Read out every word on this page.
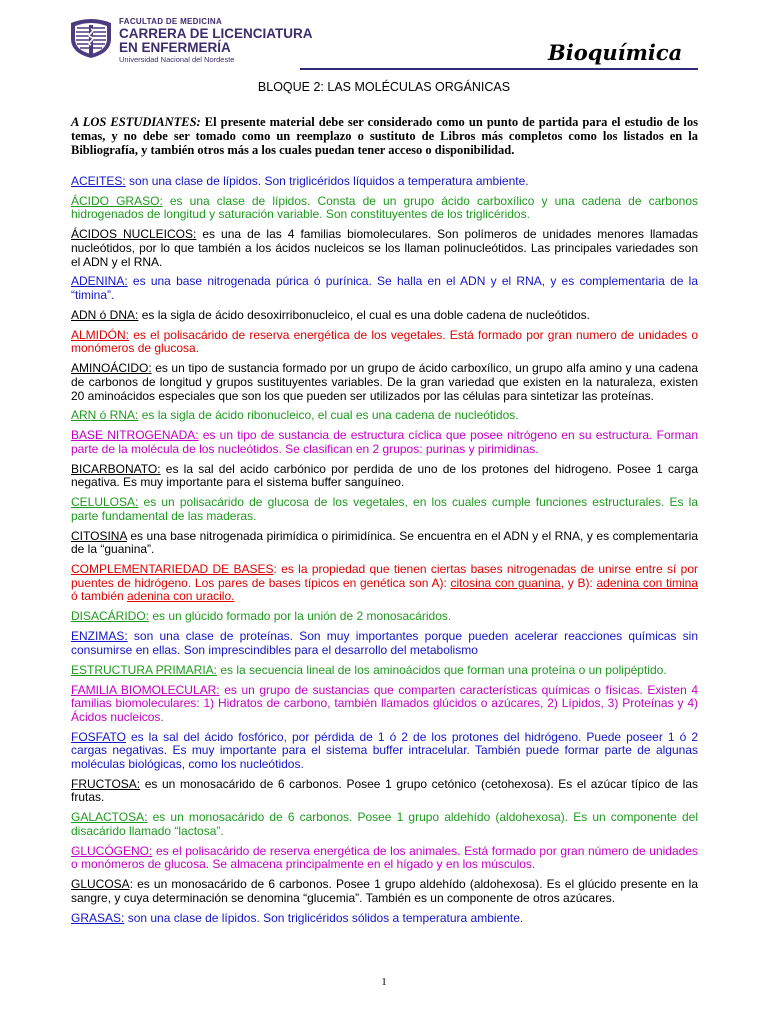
FACULTAD DE MEDICINA
CARRERA DE LICENCIATURA
EN ENFERMERÍA
Universidad Nacional del Nordeste	Bioquímica
BLOQUE 2: LAS MOLÉCULAS ORGÁNICAS
A LOS ESTUDIANTES: El presente material debe ser considerado como un punto de partida para el estudio de los temas, y no debe ser tomado como un reemplazo o sustituto de Libros más completos como los listados en la Bibliografía, y también otros más a los cuales puedan tener acceso o disponibilidad.

ACEITES: son una clase de lípidos. Son triglicéridos líquidos a temperatura ambiente.

ÁCIDO GRASO: es una clase de lípidos. Consta de un grupo ácido carboxílico y una cadena de carbonos hidrogenados de longitud y saturación variable. Son constituyentes de los triglicéridos.

ÁCIDOS NUCLEICOS: es una de las 4 familias biomoleculares. Son polímeros de unidades menores llamadas nucleótidos, por lo que también a los ácidos nucleicos se los llaman polinucleótidos. Las principales variedades son el ADN y el RNA.

ADENINA: es una base nitrogenada púrica ó purínica. Se halla en el ADN y el RNA, y es complementaria de la “timina”.

ADN ó DNA: es la sigla de ácido desoxirribonucleico, el cual es una doble cadena de nucleótidos.

ALMIDÓN: es el polisacárido de reserva energética de los vegetales. Está formado por gran numero de unidades o monómeros de glucosa.

AMINOÁCIDO: es un tipo de sustancia formado por un grupo de ácido carboxílico, un grupo alfa amino y una cadena de carbonos de longitud y grupos sustituyentes variables. De la gran variedad que existen en la naturaleza, existen 20 aminoácidos especiales que son los que pueden ser utilizados por las células para sintetizar las proteínas.

ARN ó RNA: es la sigla de ácido ribonucleico, el cual es una cadena de nucleótidos.

BASE NITROGENADA: es un tipo de sustancia de estructura cíclica que posee nitrógeno en su estructura. Forman parte de la molécula de los nucleótidos. Se clasifican en 2 grupos: purinas y pirimidinas.

BICARBONATO: es la sal del acido carbónico por perdida de uno de los protones del hidrogeno. Posee 1 carga negativa. Es muy importante para el sistema buffer sanguíneo.

CELULOSA: es un polisacárido de glucosa de los vegetales, en los cuales cumple funciones estructurales. Es la parte fundamental de las maderas.

CITOSINA es una base nitrogenada pirimídica o pirimidínica. Se encuentra en el ADN y el RNA, y es complementaria de la “guanina”.

COMPLEMENTARIEDAD DE BASES: es la propiedad que tienen ciertas bases nitrogenadas de unirse entre sí por puentes de hidrógeno. Los pares de bases típicos en genética son A): citosina con guanina, y B): adenina con timina ó también adenina con uracilo.

DISACÁRIDO: es un glúcido formado por la unión de 2 monosacáridos.

ENZIMAS: son una clase de proteínas. Son muy importantes porque pueden acelerar reacciones químicas sin consumirse en ellas. Son imprescindibles para el desarrollo del metabolismo

ESTRUCTURA PRIMARIA: es la secuencia lineal de los aminoácidos que forman una proteína o un polipéptido.

FAMILIA BIOMOLECULAR: es un grupo de sustancias que comparten características químicas o físicas. Existen 4 familias biomoleculares: 1) Hidratos de carbono, también llamados glúcidos o azúcares, 2) Lípidos, 3) Proteínas y 4) Ácidos nucleicos.

FOSFATO es la sal del ácido fosfórico, por pérdida de 1 ó 2 de los protones del hidrógeno. Puede poseer 1 ó 2 cargas negativas. Es muy importante para el sistema buffer intracelular. También puede formar parte de algunas moléculas biológicas, como los nucleótidos.

FRUCTOSA: es un monosacárido de 6 carbonos. Posee 1 grupo cetónico (cetohexosa). Es el azúcar típico de las frutas.

GALACTOSA: es un monosacárido de 6 carbonos. Posee 1 grupo aldehído (aldohexosa). Es un componente del disacárido llamado “lactosa”.

GLUCÓGENO: es el polisacárido de reserva energética de los animales. Está formado por gran número de unidades o monómeros de glucosa. Se almacena principalmente en el hígado y en los músculos.

GLUCOSA: es un monosacárido de 6 carbonos. Posee 1 grupo aldehído (aldohexosa). Es el glúcido presente en la sangre, y cuya determinación se denomina “glucemia”. También es un componente de otros azúcares.

GRASAS: son una clase de lípidos. Son triglicéridos sólidos a temperatura ambiente.

1
